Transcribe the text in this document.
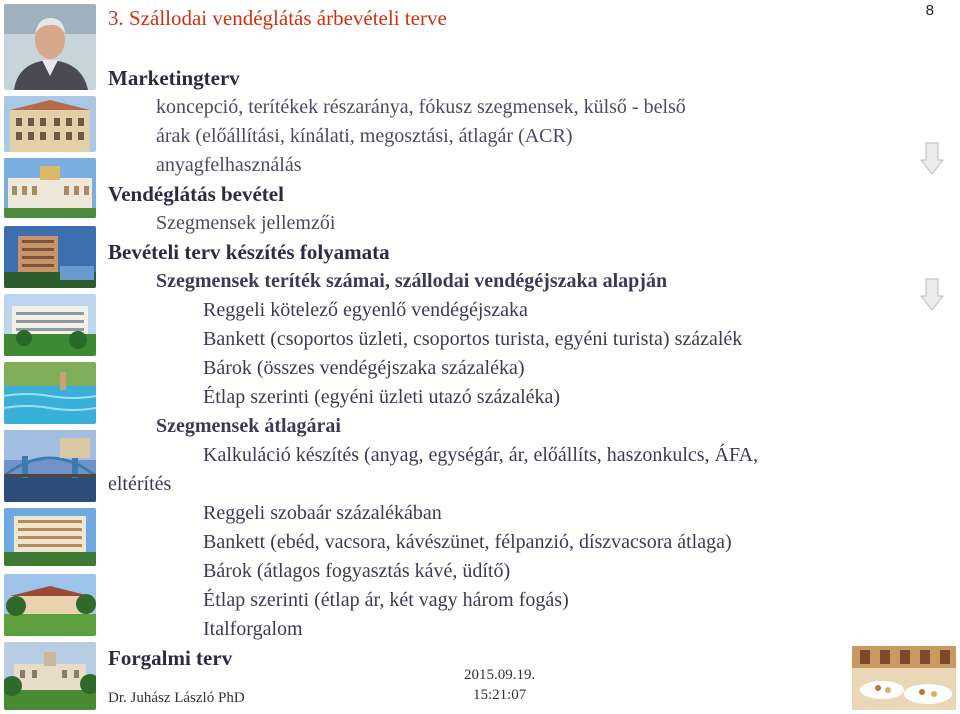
8
3. Szállodai vendéglátás árbevételi terve
Marketingterv
koncepció, terítékek részaránya, fókusz szegmensek, külső - belső
árak (előállítási, kínálati, megosztási, átlagár (ACR)
anyagfelhasználás
Vendéglátás bevétel
Szegmensek jellemzői
Bevételi terv készítés folyamata
Szegmensek teríték számai, szállodai vendégéjszaka alapján
Reggeli kötelező egyenlő vendégéjszaka
Bankett (csoportos üzleti, csoportos turista, egyéni turista) százalék
Bárok (összes vendégéjszaka százaléka)
Étlap szerinti (egyéni üzleti utazó százaléka)
Szegmensek átlagárai
Kalkuláció készítés (anyag, egységár, ár, előállíts, haszonkulcs, ÁFA,
eltérítés
Reggeli szobaár százalékában
Bankett (ebéd, vacsora, kávészünet, félpanzió, díszvacsora átlaga)
Bárok (átlagos fogyasztás kávé, üdítő)
Étlap szerinti (étlap ár, két vagy három fogás)
Italforgalom
Forgalmi terv
Dr. Juhász László PhD
2015.09.19.
15:21:07
